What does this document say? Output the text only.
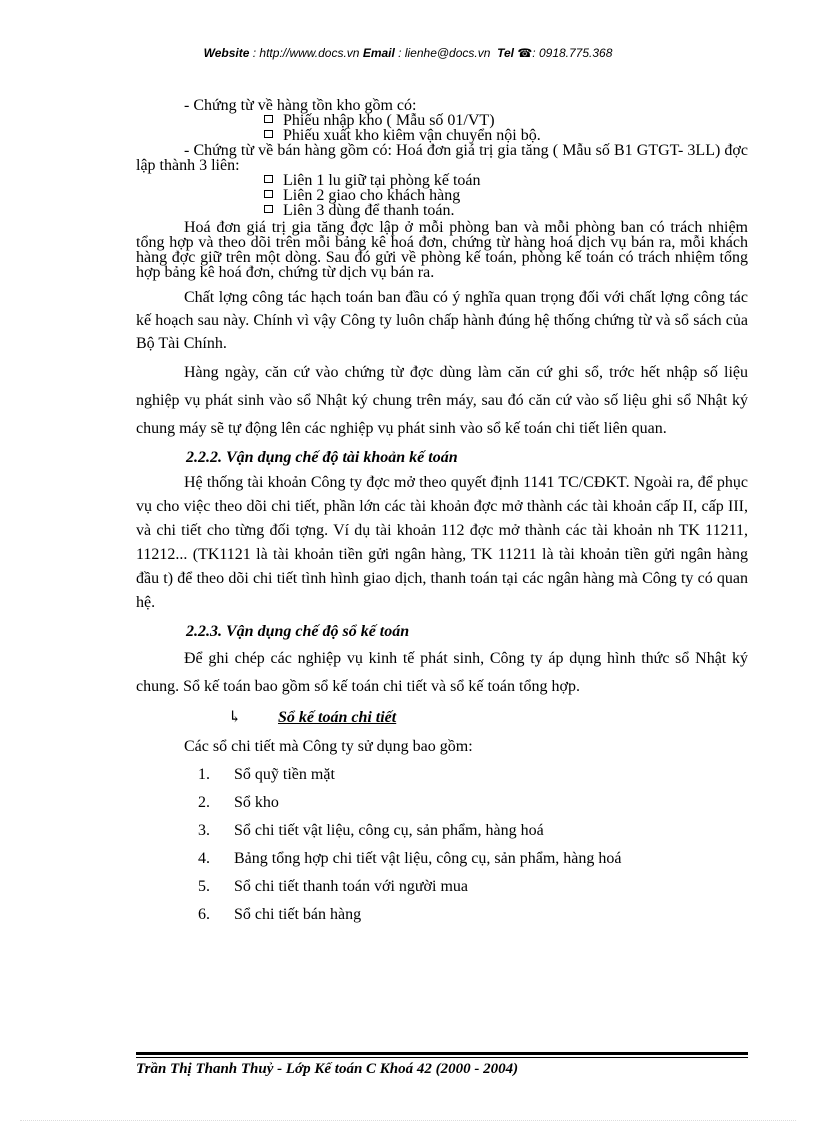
Website : http://www.docs.vn Email : lienhe@docs.vn Tel ☎: 0918.775.368

- Chứng từ về hàng tồn kho gồm có:

Phiếu nhập kho ( Mẫu số 01/VT)

Phiếu xuất kho kiêm vận chuyển nội bộ.

- Chứng từ về bán hàng gồm có: Hoá đơn giá trị gia tăng ( Mẫu số B1 GTGT- 3LL) đợc lập thành 3 liên:

Liên 1 lu giữ tại phòng kế toán

Liên 2 giao cho khách hàng

Liên 3 dùng để thanh toán.

Hoá đơn giá trị gia tăng đợc lập ở mỗi phòng ban và mỗi phòng ban có trách nhiệm tổng hợp và theo dõi trên mỗi bảng kê hoá đơn, chứng từ hàng hoá dịch vụ bán ra, mỗi khách hàng đợc giữ trên một dòng. Sau đó gửi về phòng kế toán, phòng kế toán có trách nhiệm tổng hợp bảng kê hoá đơn, chứng từ dịch vụ bán ra.

Chất lợng công tác hạch toán ban đầu có ý nghĩa quan trọng đối với chất lợng công tác kế hoạch sau này. Chính vì vậy Công ty luôn chấp hành đúng hệ thống chứng từ và sổ sách của Bộ Tài Chính.

Hàng ngày, căn cứ vào chứng từ đợc dùng làm căn cứ ghi sổ, trớc hết nhập số liệu nghiệp vụ phát sinh vào sổ Nhật ký chung trên máy, sau đó căn cứ vào số liệu ghi sổ Nhật ký chung máy sẽ tự động lên các nghiệp vụ phát sinh vào sổ kế toán chi tiết liên quan.

2.2.2. Vận dụng chế độ tài khoản kế toán

Hệ thống tài khoản Công ty đợc mở theo quyết định 1141 TC/CĐKT. Ngoài ra, để phục vụ cho việc theo dõi chi tiết, phần lớn các tài khoản đợc mở thành các tài khoản cấp II, cấp III, và chi tiết cho từng đối tợng. Ví dụ tài khoản 112 đợc mở thành các tài khoản nh TK 11211, 11212... (TK1121 là tài khoản tiền gửi ngân hàng, TK 11211 là tài khoản tiền gửi ngân hàng đầu t) để theo dõi chi tiết tình hình giao dịch, thanh toán tại các ngân hàng mà Công ty có quan hệ.

2.2.3. Vận dụng chế độ sổ kế toán

Để ghi chép các nghiệp vụ kinh tế phát sinh, Công ty áp dụng hình thức sổ Nhật ký chung. Sổ kế toán bao gồm sổ kế toán chi tiết và sổ kế toán tổng hợp.

↳ Sổ kế toán chi tiết

Các sổ chi tiết mà Công ty sử dụng bao gồm:

1. Sổ quỹ tiền mặt
2. Sổ kho
3. Sổ chi tiết vật liệu, công cụ, sản phẩm, hàng hoá
4. Bảng tổng hợp chi tiết vật liệu, công cụ, sản phẩm, hàng hoá
5. Sổ chi tiết thanh toán với người mua
6. Sổ chi tiết bán hàng
Trần Thị Thanh Thuỷ - Lớp Kế toán C Khoá 42 (2000 - 2004)
